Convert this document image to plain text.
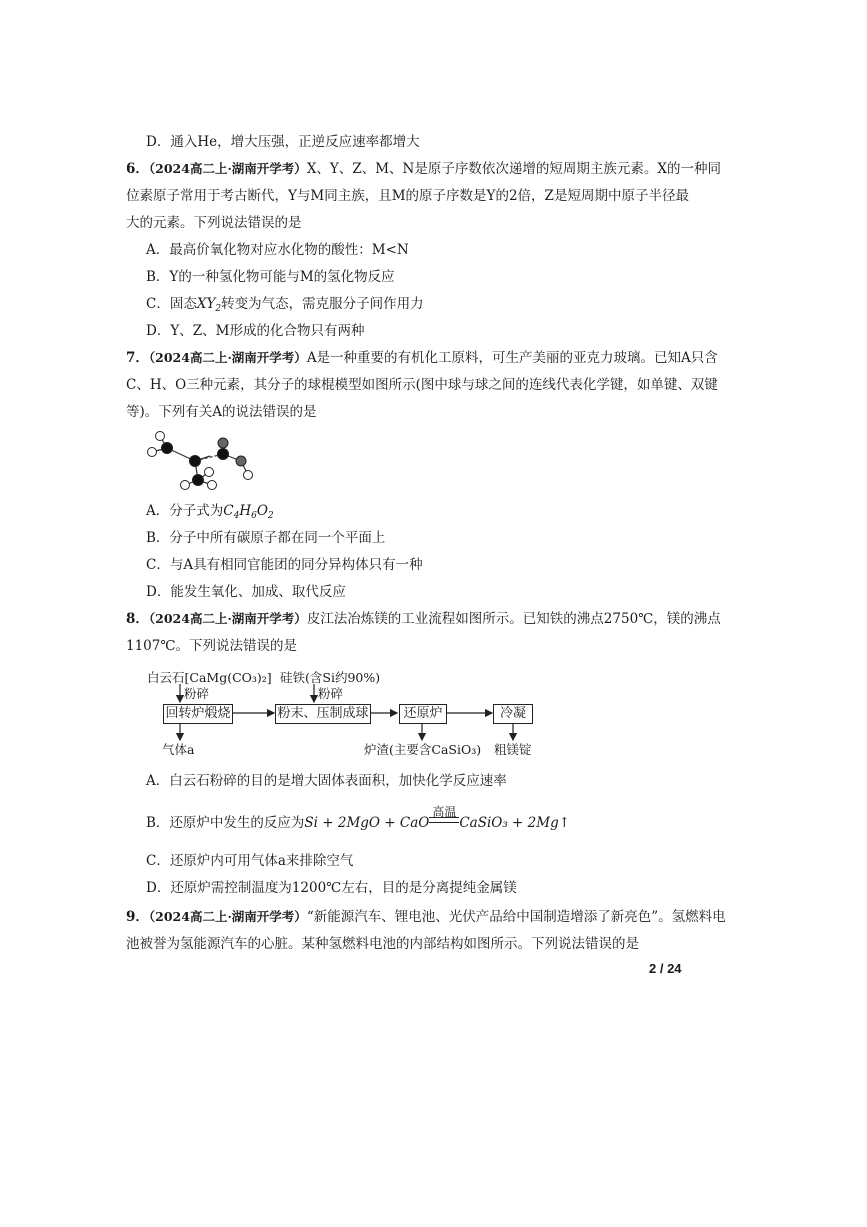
D．通入He，增大压强，正逆反应速率都增大
6．（2024高二上·湖南开学考）X、Y、Z、M、N是原子序数依次递增的短周期主族元素。X的一种同
位素原子常用于考古断代，Y与M同主族，且M的原子序数是Y的2倍，Z是短周期中原子半径最
大的元素。下列说法错误的是
A．最高价氧化物对应水化物的酸性：M<N
B．Y的一种氢化物可能与M的氢化物反应
C．固态$XY_2$转变为气态，需克服分子间作用力
D．Y、Z、M形成的化合物只有两种
7．（2024高二上·湖南开学考）A是一种重要的有机化工原料，可生产美丽的亚克力玻璃。已知A只含
C、H、O三种元素，其分子的球棍模型如图所示(图中球与球之间的连线代表化学键，如单键、双键
等)。下列有关A的说法错误的是
A．分子式为$C_4H_6O_2$
B．分子中所有碳原子都在同一个平面上
C．与A具有相同官能团的同分异构体只有一种
D．能发生氧化、加成、取代反应
8．（2024高二上·湖南开学考）皮江法冶炼镁的工业流程如图所示。已知铁的沸点2750℃，镁的沸点
1107℃。下列说法错误的是
白云石[CaMg(CO₃)₂] 硅铁(含Si约90%)
粉碎	粉碎
回转炉煅烧	粉末、压制成球	还原炉	冷凝
气体a	炉渣(主要含CaSiO₃) 粗镁锭
A．白云石粉碎的目的是增大固体表面积，加快化学反应速率
B．还原炉中发生的反应为Si + 2MgO + CaO
高温
CaSiO₃ + 2Mg↑
C．还原炉内可用气体a来排除空气
D．还原炉需控制温度为1200℃左右，目的是分离提纯金属镁
9．（2024高二上·湖南开学考）“新能源汽车、锂电池、光伏产品给中国制造增添了新亮色”。氢燃料电
池被誉为氢能源汽车的心脏。某种氢燃料电池的内部结构如图所示。下列说法错误的是
2 / 24
